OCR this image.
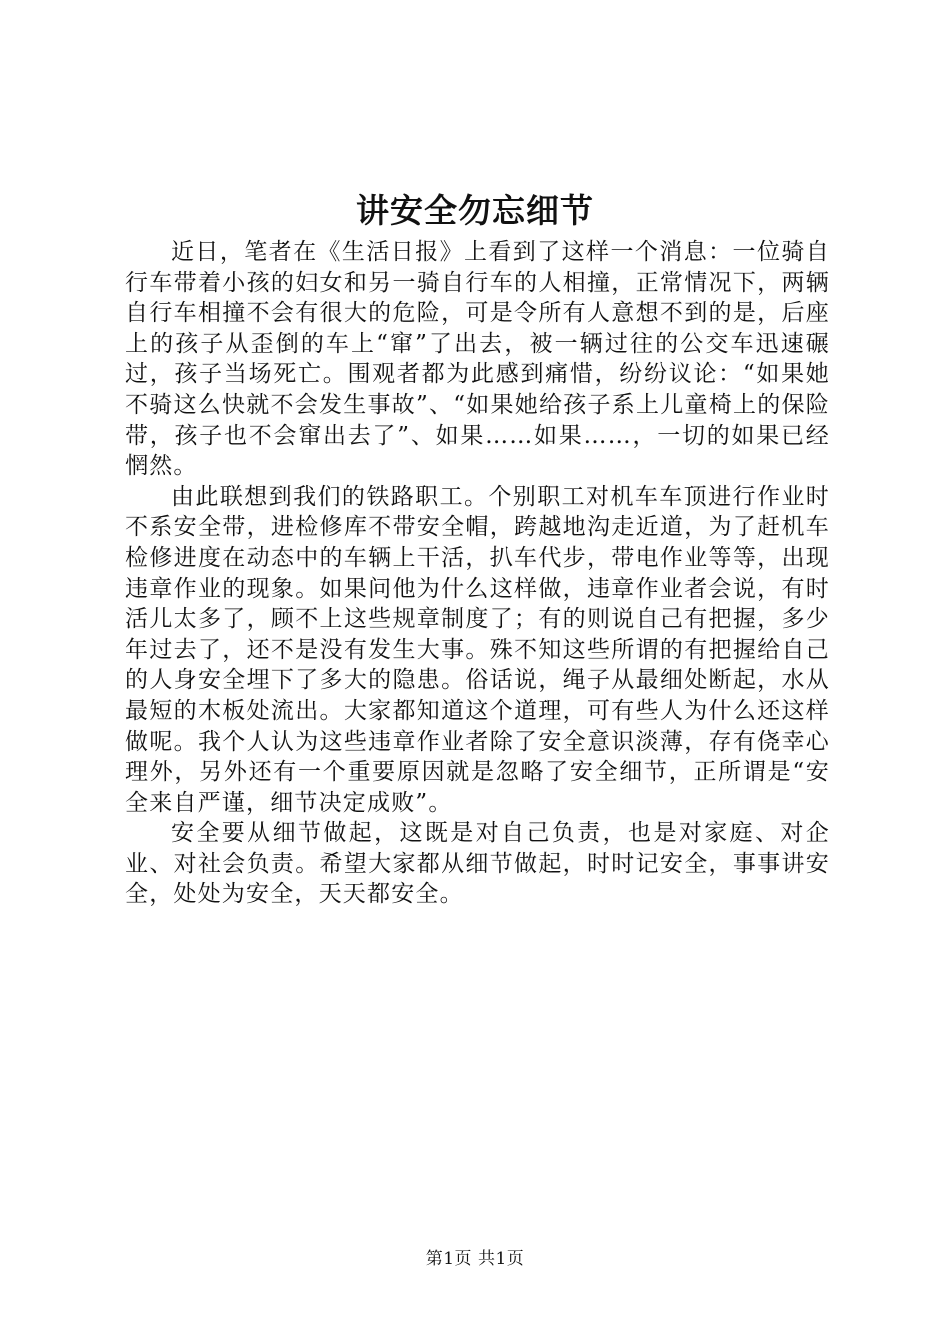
讲安全勿忘细节

近日，笔者在《生活日报》上看到了这样一个消息：一位骑自行车带着小孩的妇女和另一骑自行车的人相撞，正常情况下，两辆自行车相撞不会有很大的危险，可是令所有人意想不到的是，后座上的孩子从歪倒的车上“窜”了出去，被一辆过往的公交车迅速碾过，孩子当场死亡。围观者都为此感到痛惜，纷纷议论：“如果她不骑这么快就不会发生事故”、“如果她给孩子系上儿童椅上的保险带，孩子也不会窜出去了”、如果……如果……，一切的如果已经惘然。

由此联想到我们的铁路职工。个别职工对机车车顶进行作业时不系安全带，进检修库不带安全帽，跨越地沟走近道，为了赶机车检修进度在动态中的车辆上干活，扒车代步，带电作业等等，出现违章作业的现象。如果问他为什么这样做，违章作业者会说，有时活儿太多了，顾不上这些规章制度了；有的则说自己有把握，多少年过去了，还不是没有发生大事。殊不知这些所谓的有把握给自己的人身安全埋下了多大的隐患。俗话说，绳子从最细处断起，水从最短的木板处流出。大家都知道这个道理，可有些人为什么还这样做呢。我个人认为这些违章作业者除了安全意识淡薄，存有侥幸心理外，另外还有一个重要原因就是忽略了安全细节，正所谓是“安全来自严谨，细节决定成败”。

安全要从细节做起，这既是对自己负责，也是对家庭、对企业、对社会负责。希望大家都从细节做起，时时记安全，事事讲安全，处处为安全，天天都安全。

第1页 共1页
